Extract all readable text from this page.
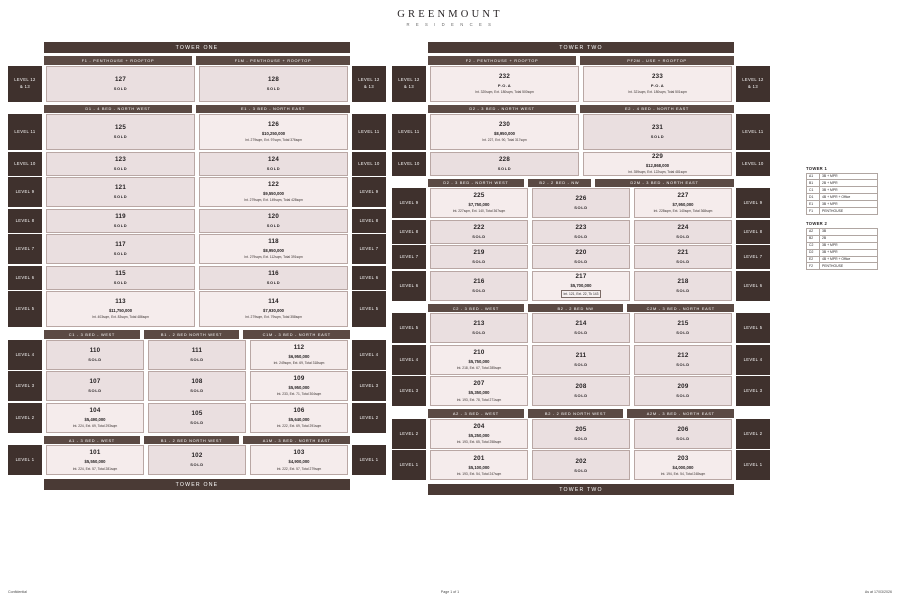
GREENMOUNT
R E S I D E N C E S
TOWER ONE
F1 - PENTHOUSE + ROOFTOP	F1M - PENTHOUSE + ROOFTOP
LEVEL 12
& 13
127
SOLD
128
SOLD
LEVEL 12
& 13
D1 - 4 BED - NORTH WEST	E1 - 3 BED - NORTH EAST
LEVEL 11
125
SOLD
126
$10,250,000
Int. 279sqm, Ext. 97sqm, Total 376sqm
LEVEL 11
LEVEL 10
123
SOLD
124
SOLD
LEVEL 10
LEVEL 9
121
SOLD
122
$9,550,000
Int. 279sqm, Ext. 149sqm, Total 428sqm
LEVEL 9
LEVEL 8
119
SOLD
120
SOLD
LEVEL 8
LEVEL 7
117
SOLD
118
$8,950,000
Int. 279sqm, Ext. 112sqm, Total 391sqm
LEVEL 7
LEVEL 6
115
SOLD
116
SOLD
LEVEL 6
LEVEL 5
113
$11,750,000
Int. 403sqm, Ext. 83sqm, Total 486sqm
114
$7,930,000
Int. 279sqm, Ext. 79sqm, Total 358sqm
LEVEL 5
C1 - 3 BED - WEST	B1 - 2 BED NORTH WEST	C1M - 3 BED - NORTH EAST
LEVEL 4
110
SOLD
111
SOLD
112
$6,950,000
Int. 249sqm, Ext. 69, Total 318sqm
LEVEL 4
LEVEL 3
107
SOLD
108
SOLD
109
$5,950,000
Int. 233, Ext. 71, Total 304sqm
LEVEL 3
LEVEL 2
104
$5,490,000
Int. 224, Ext. 69, Total 293sqm
105
SOLD
106
$5,640,000
Int. 222, Ext. 69, Total 291sqm
LEVEL 2
A1 - 3 BED - WEST	B1 - 2 BED NORTH WEST	A1M - 3 BED - NORTH EAST
LEVEL 1
101
$5,550,000
Int. 224, Ext. 57, Total 281sqm
102
SOLD
103
$4,900,000
Int. 222, Ext. 57, Total 279sqm
LEVEL 1
TOWER ONE
TOWER TWO
F2 - PENTHOUSE + ROOFTOP	PF2M - USE + ROOFTOP
LEVEL 12
& 13
232
P.O.A
Int. 320sqm, Ext. 180sqm, Total 500sqm
233
P.O.A
Int. 321sqm, Ext. 180sqm, Total 501sqm
LEVEL 12
& 13
D2 - 3 BED - NORTH WEST	E2 - 4 BED - NORTH EAST
LEVEL 11
230
$8,950,000
Int. 227, Ext. 90, Total 317sqm
231
SOLD
LEVEL 11
LEVEL 10
228
SOLD
229
$12,868,000
Int. 359sqm, Ext. 122sqm, Total 481sqm
LEVEL 10
D2 - 3 BED - NORTH WEST	B2 - 2 BED - NW	D2M - 3 BED - NORTH EAST
LEVEL 9
225
$7,750,000
Int. 227sqm, Ext. 140, Total 367sqm
226
SOLD
227
$7,950,000
Int. 228sqm, Ext. 140sqm, Total 368sqm
LEVEL 9
LEVEL 8
222
SOLD
223
SOLD
224
SOLD
LEVEL 8
LEVEL 7
219
SOLD
220
SOLD
221
SOLD
LEVEL 7
LEVEL 6
216
SOLD
217
$5,700,000
Int. 121, Ext. 22, Tk 143
218
SOLD
LEVEL 6
C2 - 3 BED - WEST	B2 - 2 BED NW	C2M - 3 BED - NORTH EAST
LEVEL 5
213
SOLD
214
SOLD
215
SOLD
LEVEL 5
LEVEL 4
210
$5,750,000
Int. 218, Ext. 67, Total 285sqm
211
SOLD
212
SOLD
LEVEL 4
LEVEL 3
207
$5,350,000
Int. 193, Ext. 78, Total 271sqm
208
SOLD
209
SOLD
LEVEL 3
A2 - 3 BED - WEST	B2 - 2 BED NORTH WEST	A2M - 3 BED - NORTH EAST
LEVEL 2
204
$5,250,000
Int. 193, Ext. 65, Total 258sqm
205
SOLD
206
SOLD
LEVEL 2
LEVEL 1
201
$5,100,000
Int. 193, Ext. 54, Total 247sqm
202
SOLD
203
$4,000,000
Int. 194, Ext. 54, Total 248sqm
LEVEL 1
TOWER TWO
TOWER 1
A1	3B + MPR
B1	2B + MPR
C1	3B + MPR
D1	4B + MPR + Office
E1	3B + MPR
F1	PENTHOUSE
TOWER 2
A2	3B
B2	2B
C2	3B + MPR
D2	3B + MPR
E2	4B + MPR + Office
F2	PENTHOUSE
Confidential	Page 1 of 1	As at 17/03/2026
